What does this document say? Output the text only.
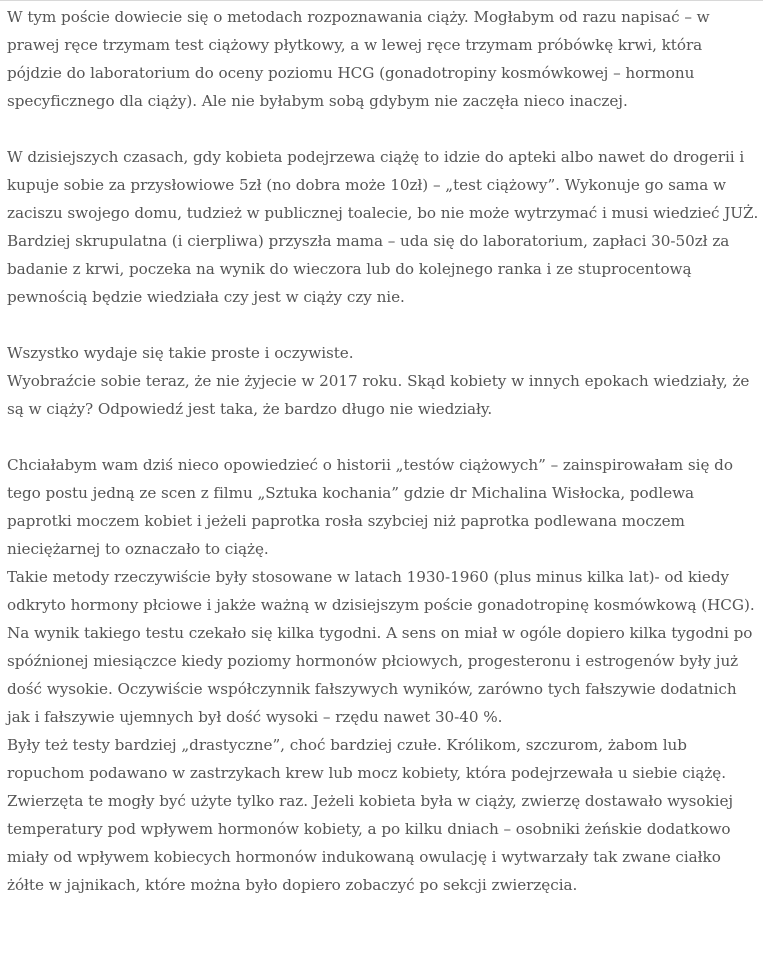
W tym poście dowiecie się o metodach rozpoznawania ciąży. Mogłabym od razu napisać – w prawej ręce trzymam test ciążowy płytkowy, a w lewej ręce trzymam próbówkę krwi, która pójdzie do laboratorium do oceny poziomu HCG (gonadotropiny kosmówkowej – hormonu specyficznego dla ciąży). Ale nie byłabym sobą gdybym nie zaczęła nieco inaczej.

W dzisiejszych czasach, gdy kobieta podejrzewa ciążę to idzie do apteki albo nawet do drogerii i kupuje sobie za przysłowiowe 5zł (no dobra może 10zł) – „test ciążowy”. Wykonuje go sama w zaciszu swojego domu, tudzież w publicznej toalecie, bo nie może wytrzymać i musi wiedzieć JUŻ.

Bardziej skrupulatna (i cierpliwa) przyszła mama – uda się do laboratorium, zapłaci 30-50zł za badanie z krwi, poczeka na wynik do wieczora lub do kolejnego ranka i ze stuprocentową pewnością będzie wiedziała czy jest w ciąży czy nie.

Wszystko wydaje się takie proste i oczywiste.

Wyobraźcie sobie teraz, że nie żyjecie w 2017 roku. Skąd kobiety w innych epokach wiedziały, że są w ciąży? Odpowiedź jest taka, że bardzo długo nie wiedziały.

Chciałabym wam dziś nieco opowiedzieć o historii „testów ciążowych” – zainspirowałam się do tego postu jedną ze scen z filmu „Sztuka kochania” gdzie dr Michalina Wisłocka, podlewa paprotki moczem kobiet i jeżeli paprotka rosła szybciej niż paprotka podlewana moczem nieciężarnej to oznaczało to ciążę.

Takie metody rzeczywiście były stosowane w latach 1930-1960 (plus minus kilka lat)- od kiedy odkryto hormony płciowe i jakże ważną w dzisiejszym poście gonadotropinę kosmówkową (HCG). Na wynik takiego testu czekało się kilka tygodni. A sens on miał w ogóle dopiero kilka tygodni po spóźnionej miesiączce kiedy poziomy hormonów płciowych, progesteronu i estrogenów były już dość wysokie. Oczywiście współczynnik fałszywych wyników, zarówno tych fałszywie dodatnich jak i fałszywie ujemnych był dość wysoki – rzędu nawet 30-40 %.

Były też testy bardziej „drastyczne”, choć bardziej czułe. Królikom, szczurom, żabom lub ropuchom podawano w zastrzykach krew lub mocz kobiety, która podejrzewała u siebie ciążę. Zwierzęta te mogły być użyte tylko raz. Jeżeli kobieta była w ciąży, zwierzę dostawało wysokiej temperatury pod wpływem hormonów kobiety, a po kilku dniach – osobniki żeńskie dodatkowo miały od wpływem kobiecych hormonów indukowaną owulację i wytwarzały tak zwane ciałko żółte w jajnikach, które można było dopiero zobaczyć po sekcji zwierzęcia.
